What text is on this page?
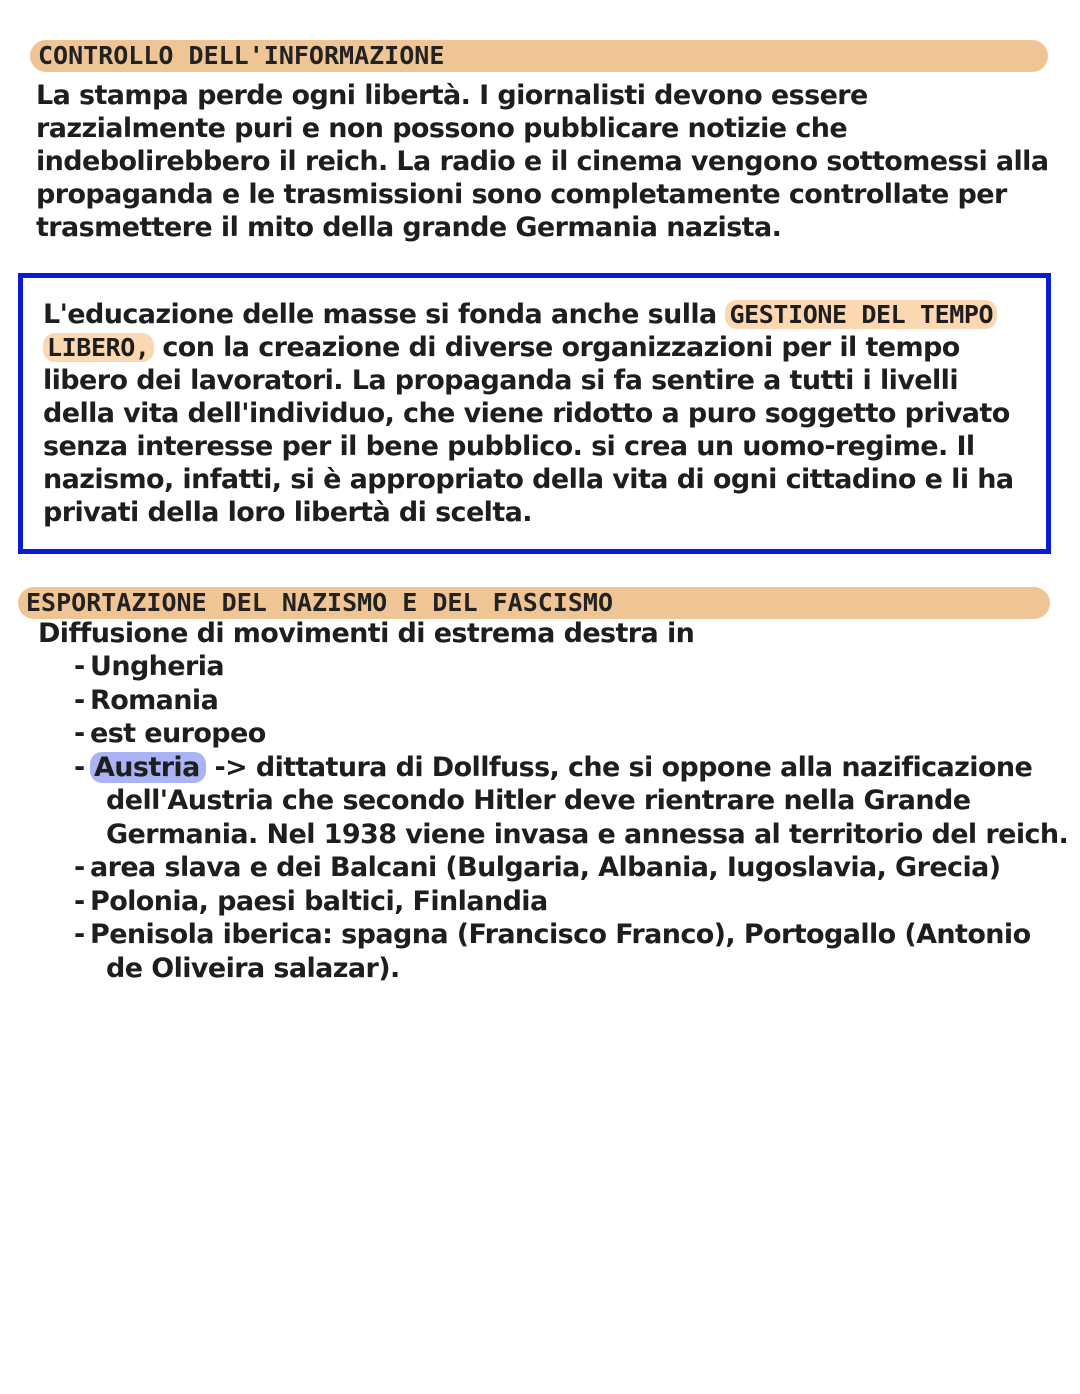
CONTROLLO DELL'INFORMAZIONE

La stampa perde ogni libertà. I giornalisti devono essere
razzialmente puri e non possono pubblicare notizie che
indebolirebbero il reich. La radio e il cinema vengono sottomessi alla
propaganda e le trasmissioni sono completamente controllate per
trasmettere il mito della grande Germania nazista.

L'educazione delle masse si fonda anche sulla GESTIONE DEL TEMPO
LIBERO, con la creazione di diverse organizzazioni per il tempo
libero dei lavoratori. La propaganda si fa sentire a tutti i livelli
della vita dell'individuo, che viene ridotto a puro soggetto privato
senza interesse per il bene pubblico. si crea un uomo-regime. Il
nazismo, infatti, si è appropriato della vita di ogni cittadino e li ha
privati della loro libertà di scelta.

ESPORTAZIONE DEL NAZISMO E DEL FASCISMO

Diffusione di movimenti di estrema destra in

- Ungheria
- Romania
- est europeo
- Austria -> dittatura di Dollfuss, che si oppone alla nazificazione
dell'Austria che secondo Hitler deve rientrare nella Grande
Germania. Nel 1938 viene invasa e annessa al territorio del reich.
- area slava e dei Balcani (Bulgaria, Albania, Iugoslavia, Grecia)
- Polonia, paesi baltici, Finlandia
- Penisola iberica: spagna (Francisco Franco), Portogallo (Antonio
de Oliveira salazar).
